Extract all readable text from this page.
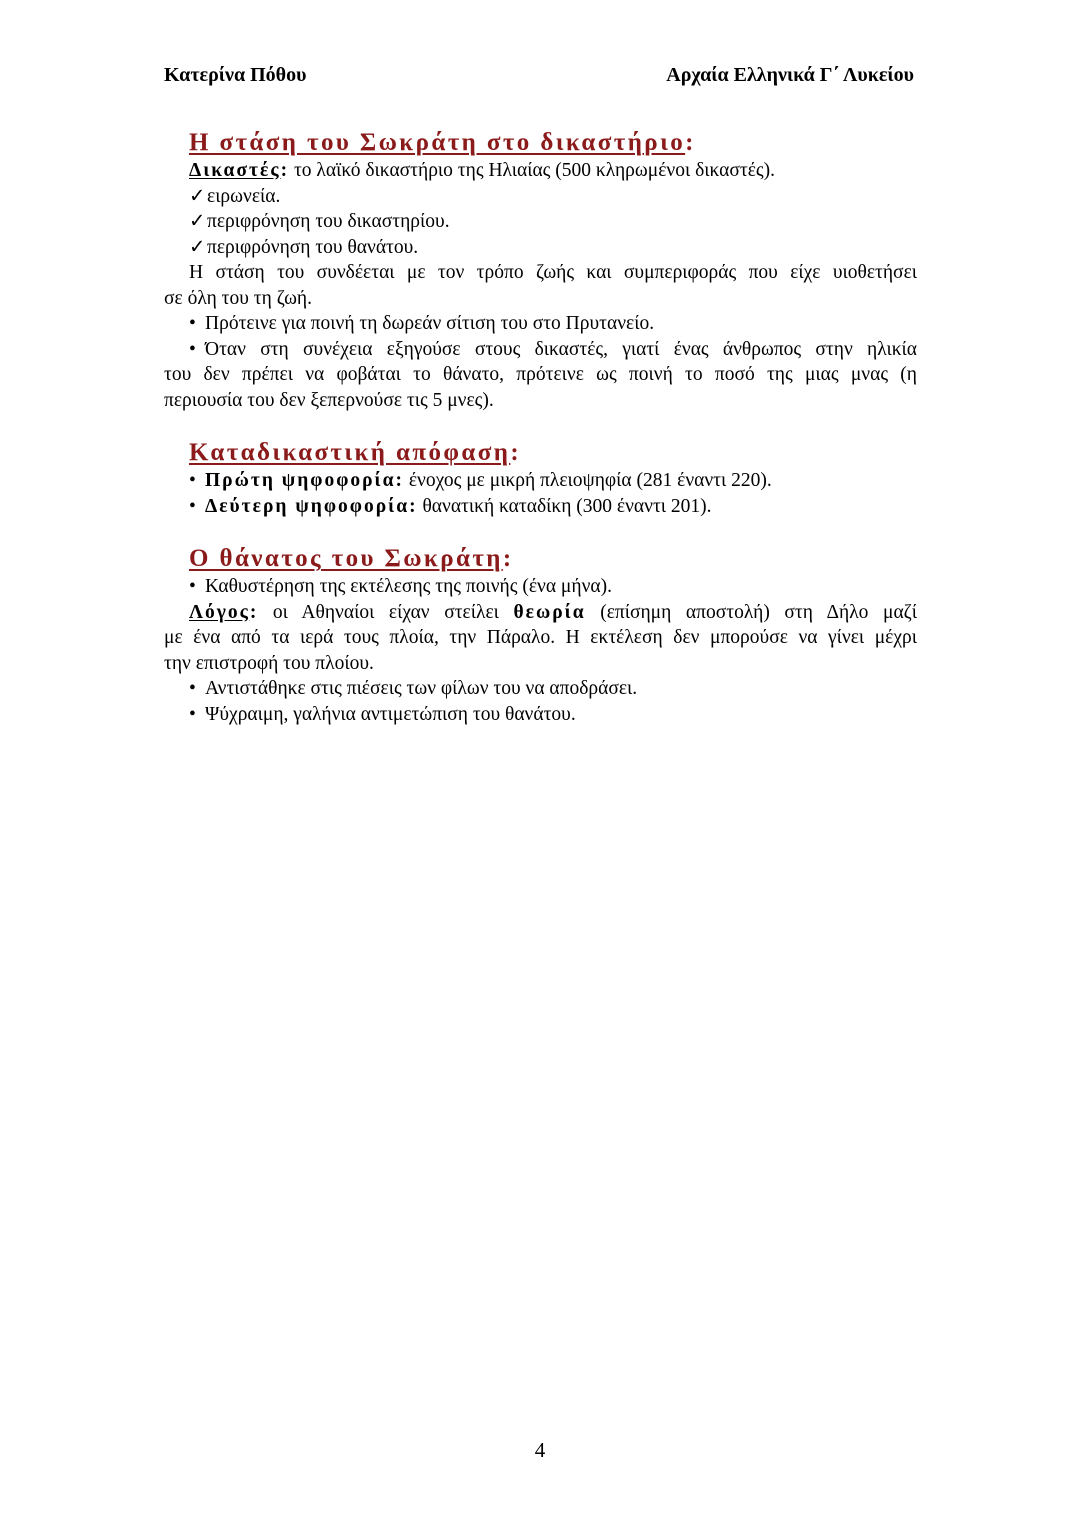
Κατερίνα Πόθου	Αρχαία Ελληνικά Γ΄ Λυκείου
Η στάση του Σωκράτη στο δικαστήριο:
Δικαστές: το λαϊκό δικαστήριο της Ηλιαίας (500 κληρωμένοι δικαστές).
✓ειρωνεία.
✓περιφρόνηση του δικαστηρίου.
✓περιφρόνηση του θανάτου.
Η στάση του συνδέεται με τον τρόπο ζωής και συμπεριφοράς που είχε υιοθετήσει
σε όλη του τη ζωή.
• Πρότεινε για ποινή τη δωρεάν σίτιση του στο Πρυτανείο.
• Όταν στη συνέχεια εξηγούσε στους δικαστές, γιατί ένας άνθρωπος στην ηλικία
του δεν πρέπει να φοβάται το θάνατο, πρότεινε ως ποινή το ποσό της μιας μνας (η
περιουσία του δεν ξεπερνούσε τις 5 μνες).
Καταδικαστική απόφαση:
• Πρώτη ψηφοφορία: ένοχος με μικρή πλειοψηφία (281 έναντι 220).
• Δεύτερη ψηφοφορία: θανατική καταδίκη (300 έναντι 201).
Ο θάνατος του Σωκράτη:
• Καθυστέρηση της εκτέλεσης της ποινής (ένα μήνα).
Λόγος: οι Αθηναίοι είχαν στείλει θεωρία (επίσημη αποστολή) στη Δήλο μαζί
με ένα από τα ιερά τους πλοία, την Πάραλο. Η εκτέλεση δεν μπορούσε να γίνει μέχρι
την επιστροφή του πλοίου.
• Αντιστάθηκε στις πιέσεις των φίλων του να αποδράσει.
• Ψύχραιμη, γαλήνια αντιμετώπιση του θανάτου.
4
